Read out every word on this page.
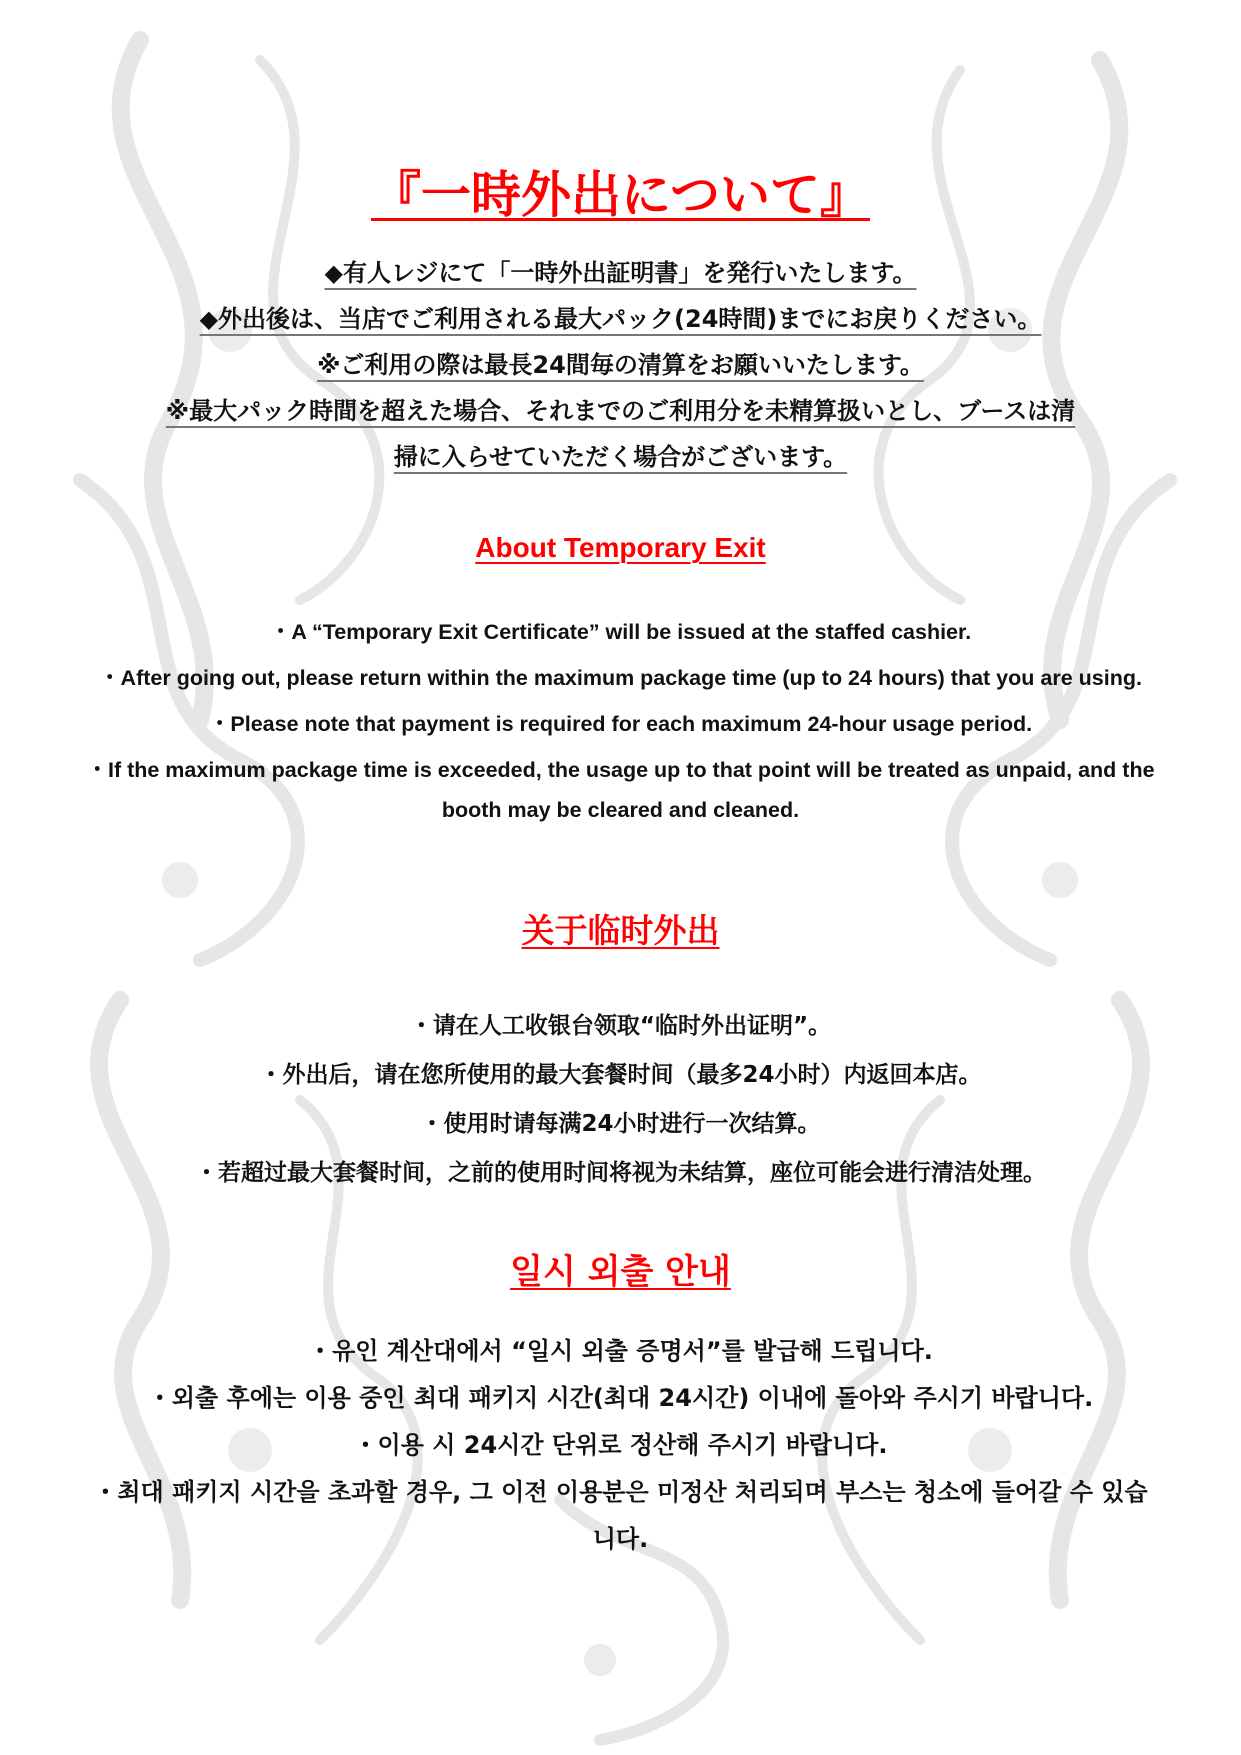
『一時外出について』

◆有人レジにて「一時外出証明書」を発行いたします。

◆外出後は、当店でご利用される最大パック(24時間)までにお戻りください。

※ご利用の際は最長24間毎の清算をお願いいたします。

※最大パック時間を超えた場合、それまでのご利用分を未精算扱いとし、ブースは清

掃に入らせていただく場合がございます。

About Temporary Exit

・A “Temporary Exit Certificate” will be issued at the staffed cashier.

・After going out, please return within the maximum package time (up to 24 hours) that you are using.

・Please note that payment is required for each maximum 24-hour usage period.

・If the maximum package time is exceeded, the usage up to that point will be treated as unpaid, and the booth may be cleared and cleaned.

关于临时外出

・请在人工收银台领取“临时外出证明”。

・外出后，请在您所使用的最大套餐时间（最多24小时）内返回本店。

・使用时请每满24小时进行一次结算。

・若超过最大套餐时间，之前的使用时间将视为未结算，座位可能会进行清洁处理。

일시 외출 안내

・유인 계산대에서 “일시 외출 증명서”를 발급해 드립니다.

・외출 후에는 이용 중인 최대 패키지 시간(최대 24시간) 이내에 돌아와 주시기 바랍니다.

・이용 시 24시간 단위로 정산해 주시기 바랍니다.

・최대 패키지 시간을 초과할 경우, 그 이전 이용분은 미정산 처리되며 부스는 청소에 들어갈 수 있습니다.
